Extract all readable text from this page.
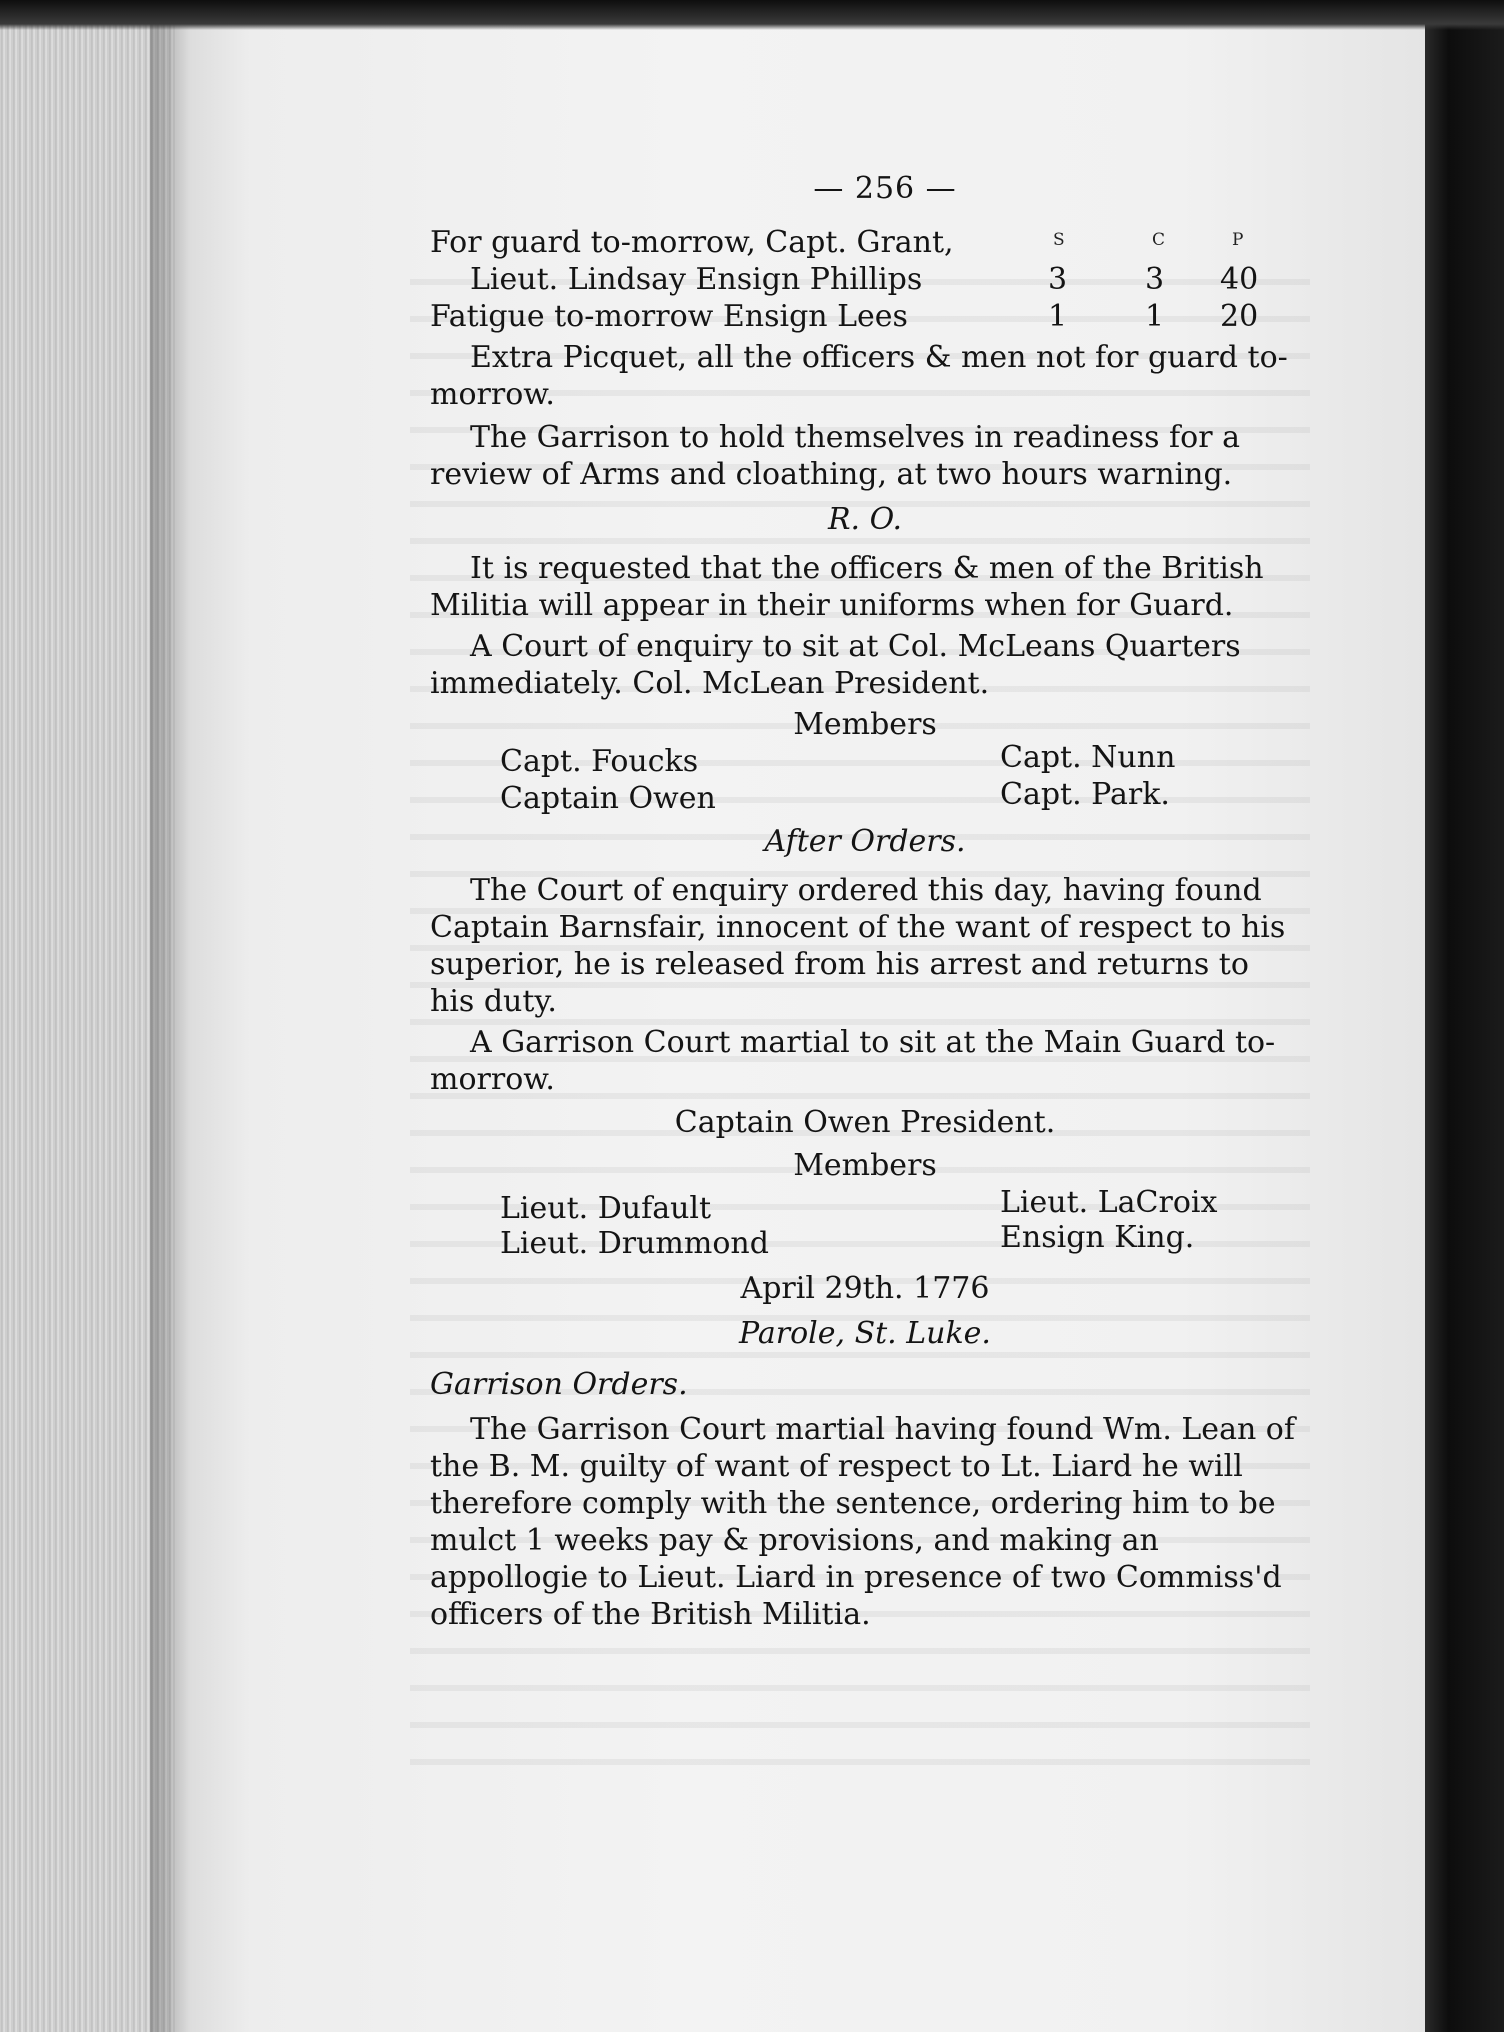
— 256 —
S	C	P
For guard to-morrow, Capt. Grant,
Lieut. Lindsay Ensign Phillips	3	3 40
Fatigue to-morrow Ensign Lees	1	1 20

Extra Picquet, all the officers & men not for guard to-morrow.

The Garrison to hold themselves in readiness for a review of Arms and cloathing, at two hours warning.

R. O.

It is requested that the officers & men of the British Militia will appear in their uniforms when for Guard.

A Court of enquiry to sit at Col. McLeans Quarters immediately. Col. McLean President.

Members

Capt. Foucks	Capt. Nunn
Captain Owen	Capt. Park.

After Orders.

The Court of enquiry ordered this day, having found Captain Barnsfair, innocent of the want of respect to his superior, he is released from his arrest and returns to his duty.

A Garrison Court martial to sit at the Main Guard to-morrow.

Captain Owen President.

Members

Lieut. Dufault	Lieut. LaCroix
Lieut. Drummond	Ensign King.

April 29th. 1776

Parole, St. Luke.

Garrison Orders.

The Garrison Court martial having found Wm. Lean of the B. M. guilty of want of respect to Lt. Liard he will therefore comply with the sentence, ordering him to be mulct 1 weeks pay & provisions, and making an appollogie to Lieut. Liard in presence of two Commiss'd officers of the British Militia.
